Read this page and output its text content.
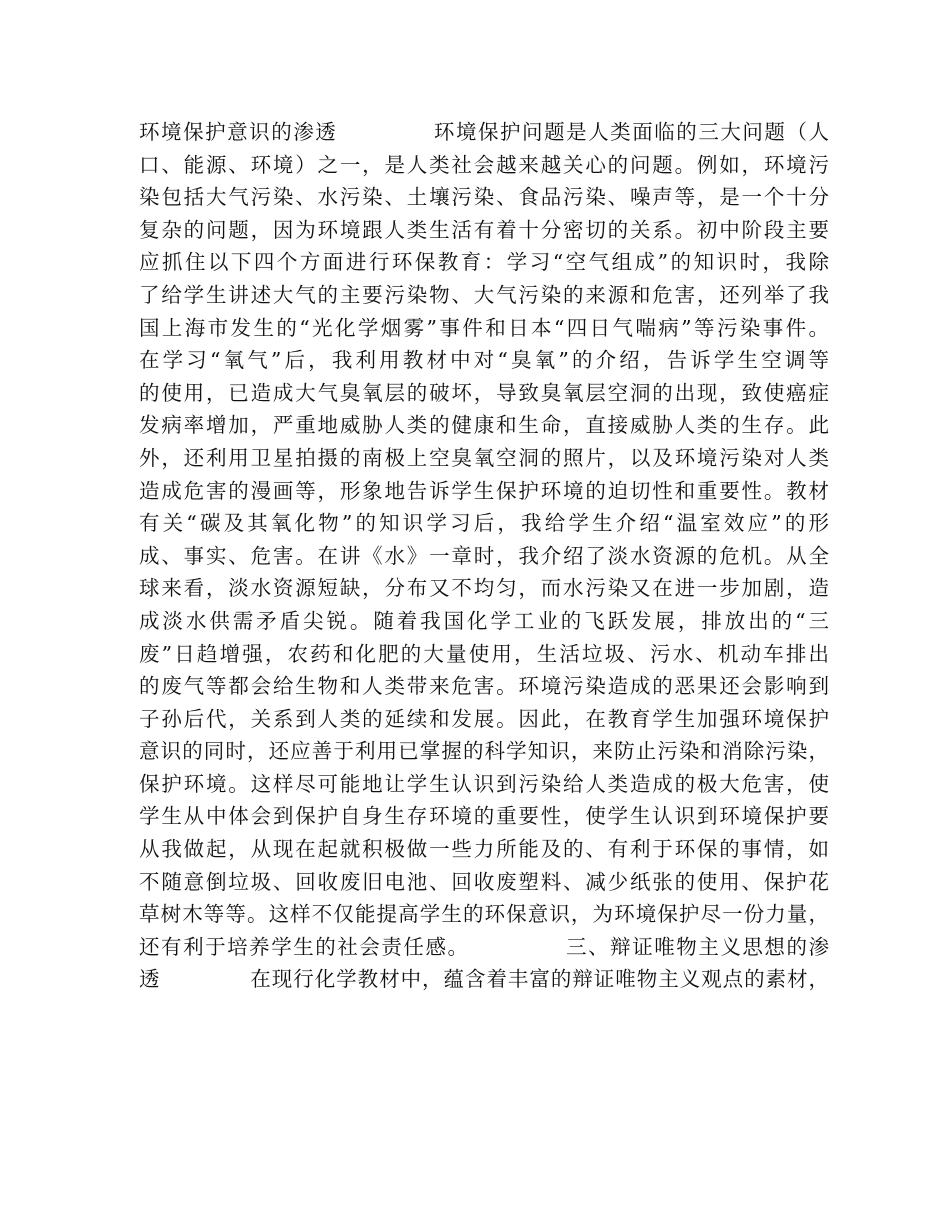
环境保护意识的渗透            环境保护问题是人类面临的三大问题（人
口、能源、环境）之一，是人类社会越来越关心的问题。例如，环境污
染包括大气污染、水污染、土壤污染、食品污染、噪声等，是一个十分
复杂的问题，因为环境跟人类生活有着十分密切的关系。初中阶段主要
应抓住以下四个方面进行环保教育：学习“空气组成”的知识时，我除
了给学生讲述大气的主要污染物、大气污染的来源和危害，还列举了我
国上海市发生的“光化学烟雾”事件和日本“四日气喘病”等污染事件。
在学习“氧气”后，我利用教材中对“臭氧”的介绍，告诉学生空调等
的使用，已造成大气臭氧层的破坏，导致臭氧层空洞的出现，致使癌症
发病率增加，严重地威胁人类的健康和生命，直接威胁人类的生存。此
外，还利用卫星拍摄的南极上空臭氧空洞的照片，以及环境污染对人类
造成危害的漫画等，形象地告诉学生保护环境的迫切性和重要性。教材
有关“碳及其氧化物”的知识学习后，我给学生介绍“温室效应”的形
成、事实、危害。在讲《水》一章时，我介绍了淡水资源的危机。从全
球来看，淡水资源短缺，分布又不均匀，而水污染又在进一步加剧，造
成淡水供需矛盾尖锐。随着我国化学工业的飞跃发展，排放出的“三
废”日趋增强，农药和化肥的大量使用，生活垃圾、污水、机动车排出
的废气等都会给生物和人类带来危害。环境污染造成的恶果还会影响到
子孙后代，关系到人类的延续和发展。因此，在教育学生加强环境保护
意识的同时，还应善于利用已掌握的科学知识，来防止污染和消除污染，
保护环境。这样尽可能地让学生认识到污染给人类造成的极大危害，使
学生从中体会到保护自身生存环境的重要性，使学生认识到环境保护要
从我做起，从现在起就积极做一些力所能及的、有利于环保的事情，如
不随意倒垃圾、回收废旧电池、回收废塑料、减少纸张的使用、保护花
草树木等等。这样不仅能提高学生的环保意识，为环境保护尽一份力量，
还有利于培养学生的社会责任感。            三、辩证唯物主义思想的渗
透            在现行化学教材中，蕴含着丰富的辩证唯物主义观点的素材，
